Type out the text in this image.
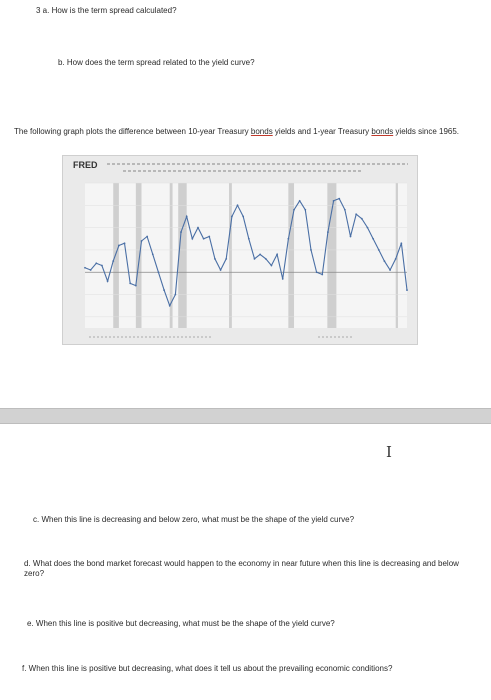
3 a. How is the term spread calculated?
b. How does the term spread related to the yield curve?
The following graph plots the difference between 10-year Treasury bonds yields and 1-year Treasury bonds yields since 1965.
FRED
I
c. When this line is decreasing and below zero, what must be the shape of the yield curve?
d. What does the bond market forecast would happen to the economy in near future when this line is decreasing and below zero?
e. When this line is positive but decreasing, what must be the shape of the yield curve?
f. When this line is positive but decreasing, what does it tell us about the prevailing economic conditions?
